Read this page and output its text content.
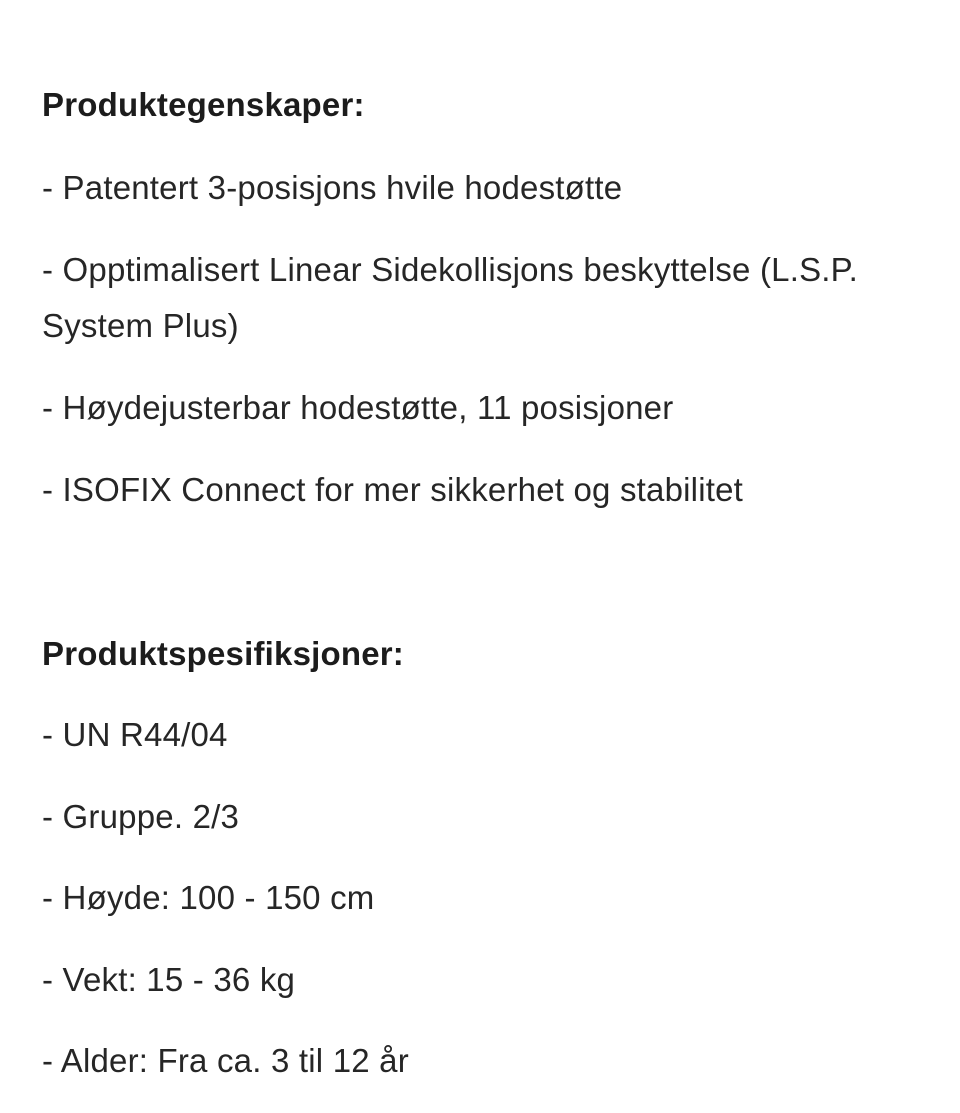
Produktegenskaper:

- Patentert 3-posisjons hvile hodestøtte

- Opptimalisert Linear Sidekollisjons beskyttelse (L.S.P. System Plus)

- Høydejusterbar hodestøtte, 11 posisjoner

- ISOFIX Connect for mer sikkerhet og stabilitet

Produktspesifiksjoner:

- UN R44/04

- Gruppe. 2/3

- Høyde: 100 - 150 cm

- Vekt: 15 - 36 kg

- Alder: Fra ca. 3 til 12 år
